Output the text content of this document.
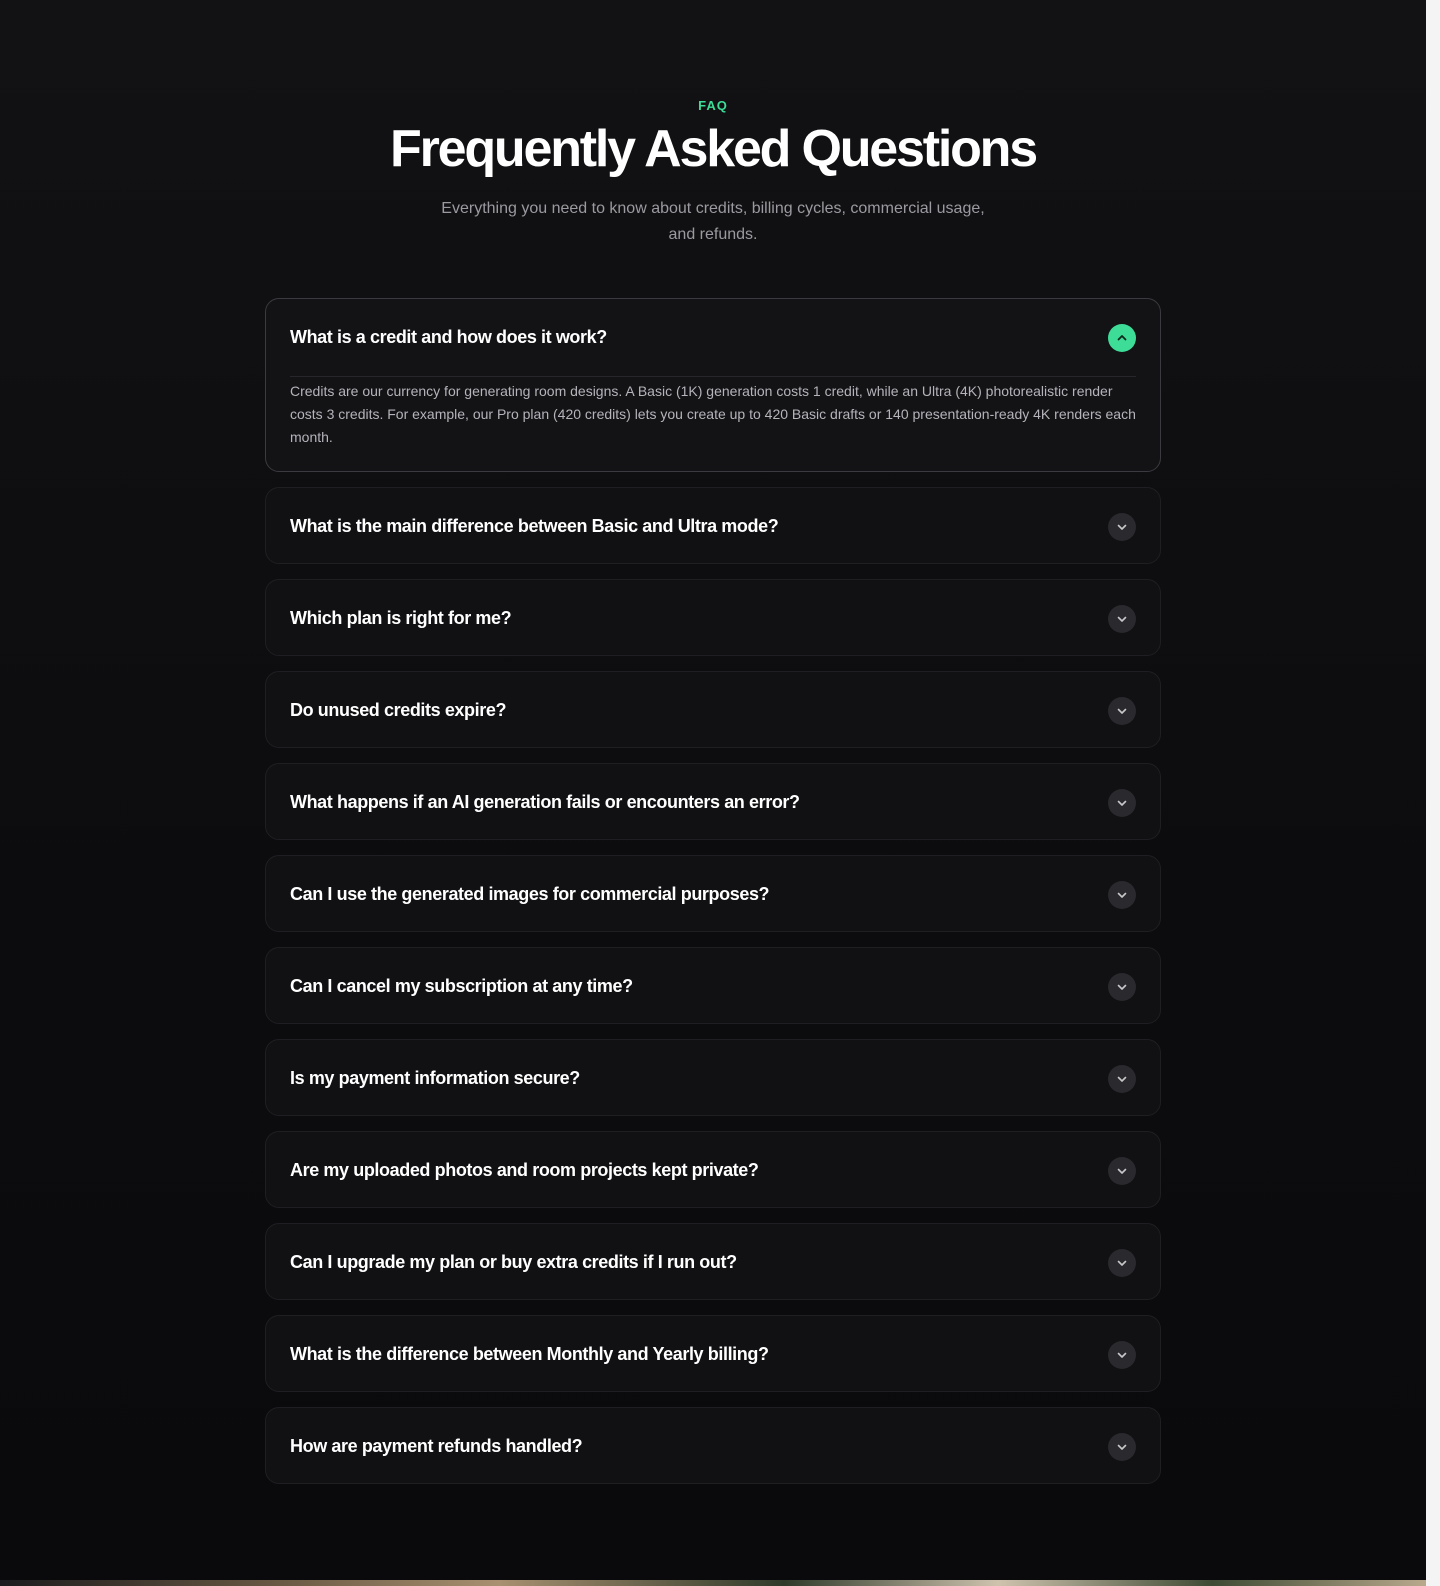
FAQ

Frequently Asked Questions

Everything you need to know about credits, billing cycles, commercial usage, and refunds.

What is a credit and how does it work?

Credits are our currency for generating room designs. A Basic (1K) generation costs 1 credit, while an Ultra (4K) photorealistic render costs 3 credits. For example, our Pro plan (420 credits) lets you create up to 420 Basic drafts or 140 presentation-ready 4K renders each month.

What is the main difference between Basic and Ultra mode?
Which plan is right for me?
Do unused credits expire?
What happens if an AI generation fails or encounters an error?
Can I use the generated images for commercial purposes?
Can I cancel my subscription at any time?
Is my payment information secure?
Are my uploaded photos and room projects kept private?
Can I upgrade my plan or buy extra credits if I run out?
What is the difference between Monthly and Yearly billing?
How are payment refunds handled?
